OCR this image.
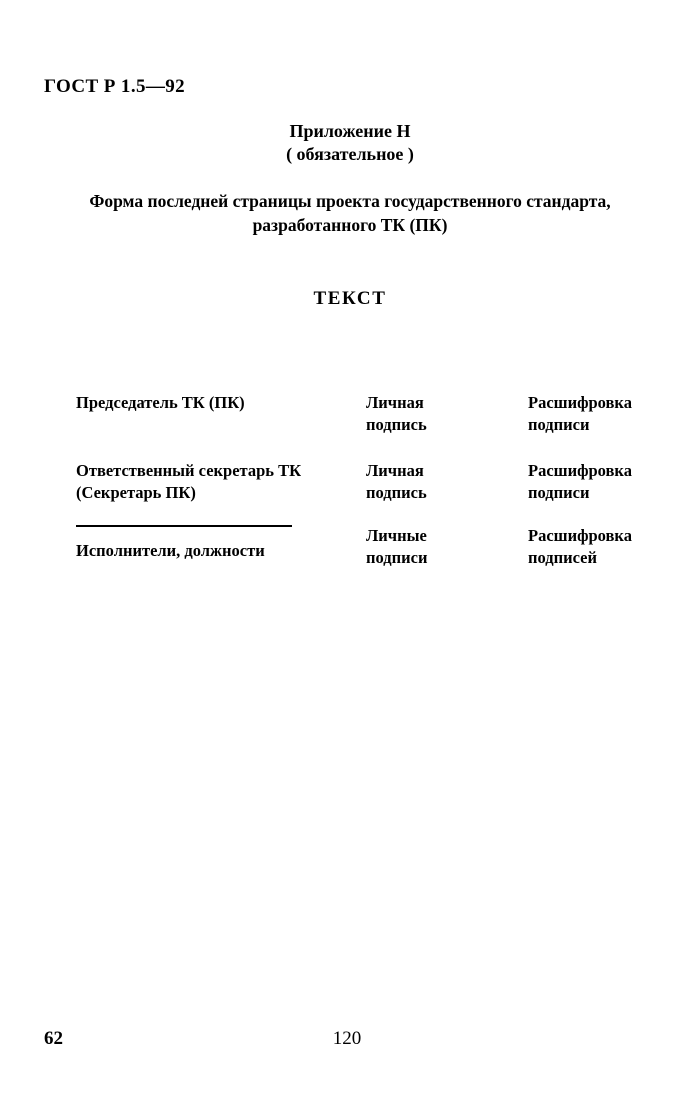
ГОСТ Р 1.5—92
Приложение Н
( обязательное )
Форма последней страницы проекта государственного стандарта,
разработанного ТК (ПК)
ТЕКСТ
Председатель ТК (ПК)	Личная
подпись
Расшифровка
подписи
Ответственный секретарь ТК
(Секретарь ПК)
Личная
подпись
Расшифровка
подписи
Исполнители, должности
Личные
подписи
Расшифровка
подписей
62	120
